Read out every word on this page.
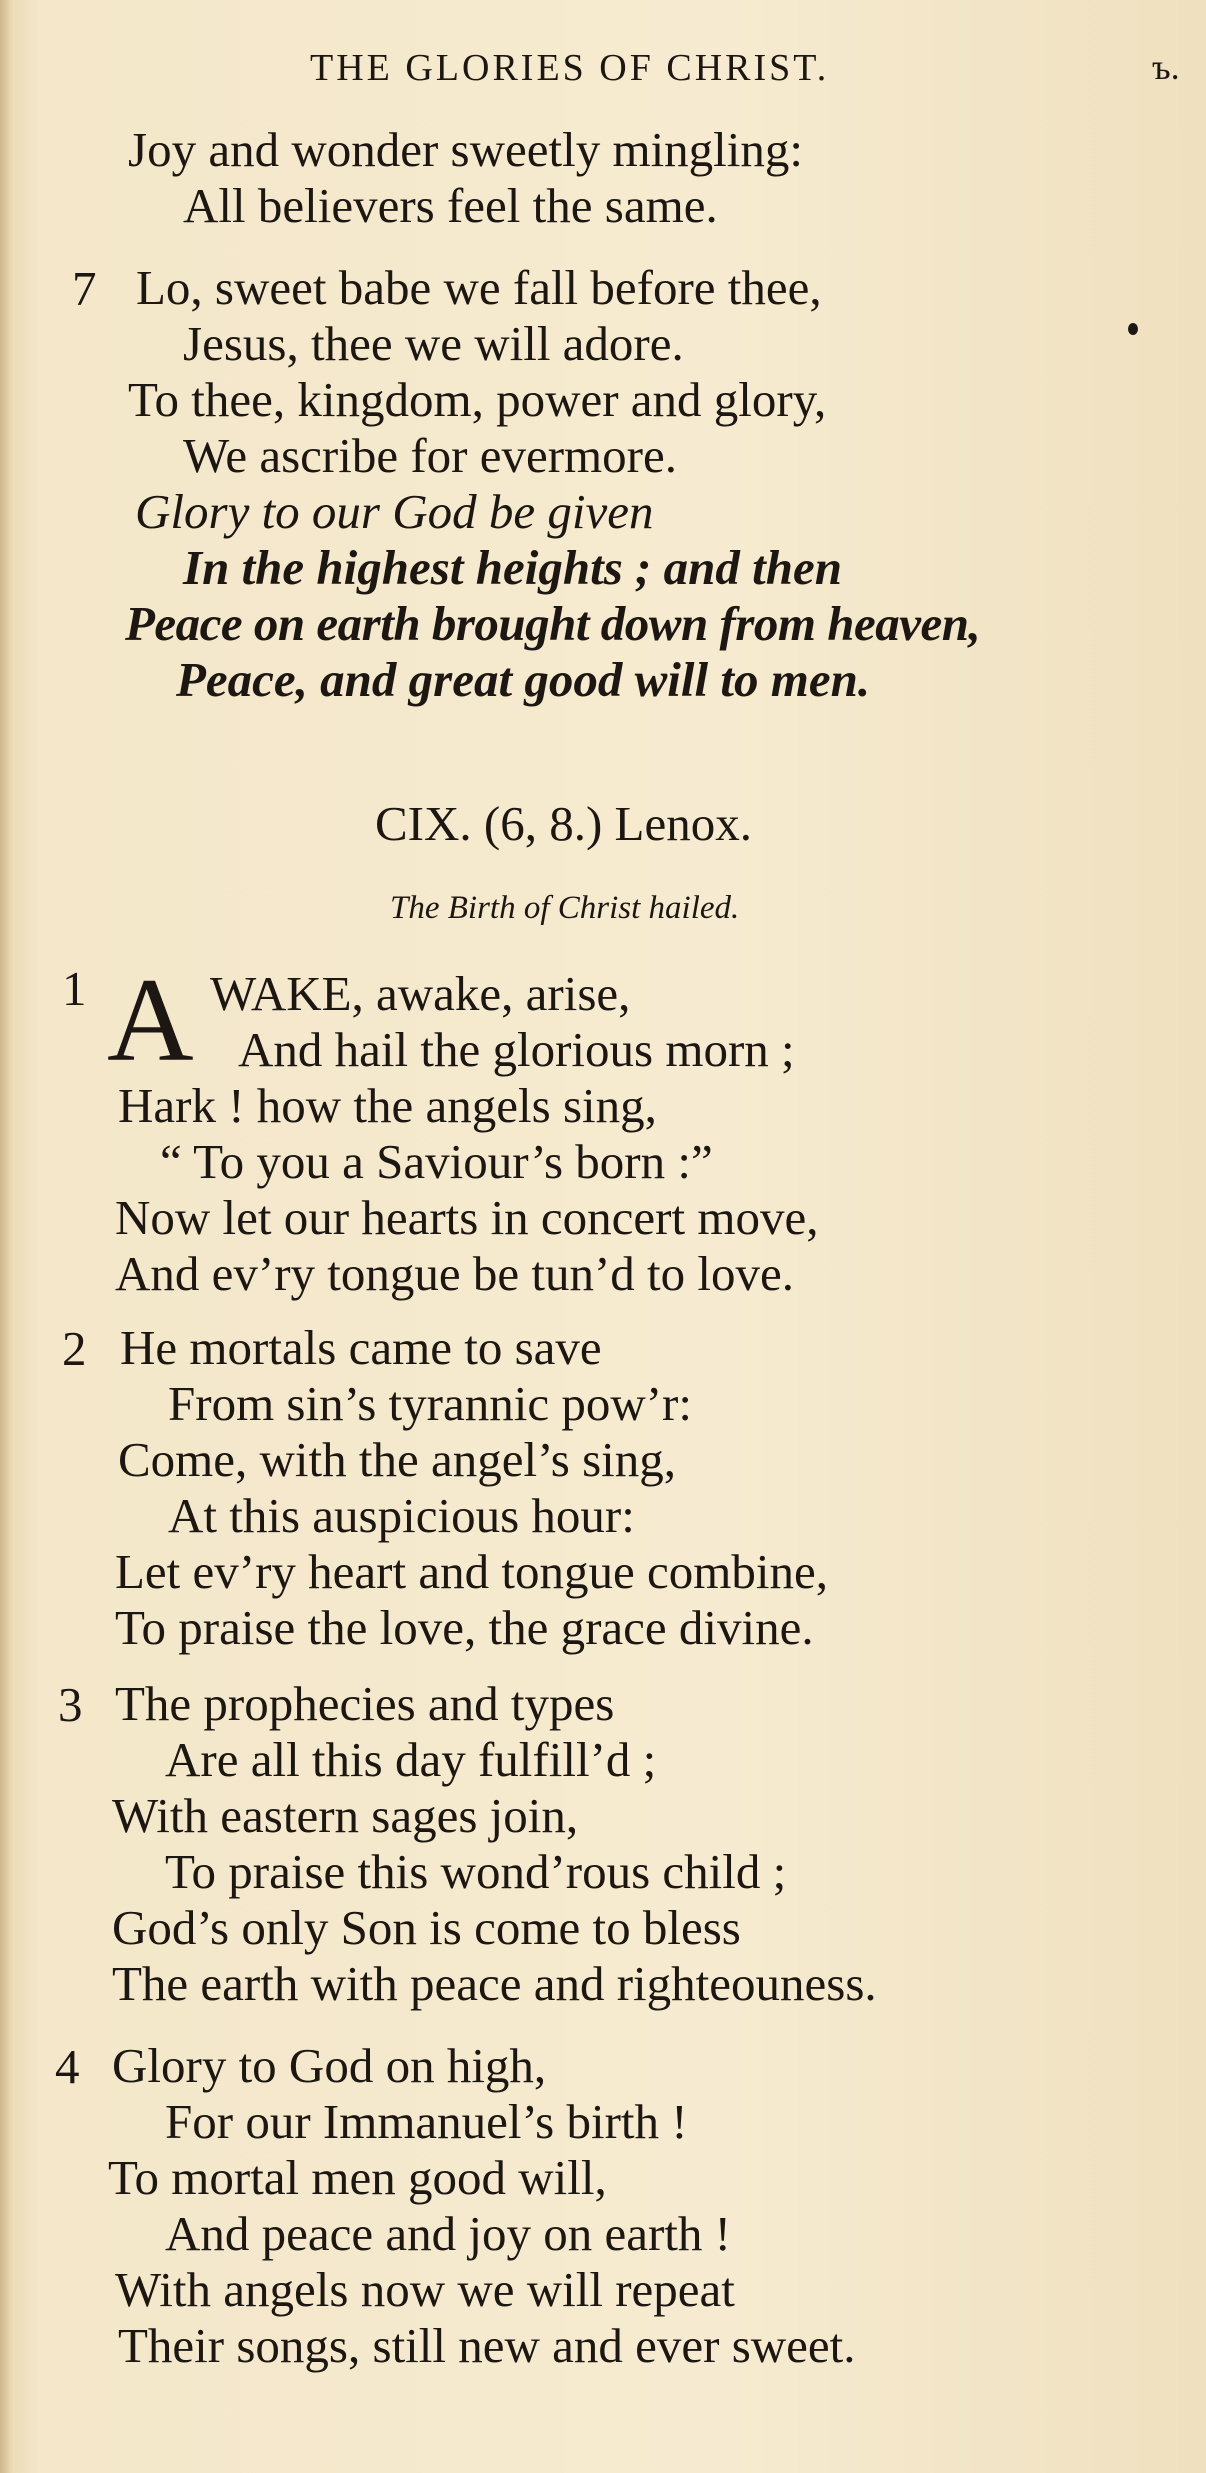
THE GLORIES OF CHRIST.	ъ.
Joy and wonder sweetly mingling:
All believers feel the same.
7 Lo, sweet babe we fall before thee,
Jesus, thee we will adore.
To thee, kingdom, power and glory,
We ascribe for evermore.
Glory to our God be given
In the highest heights ; and then
Peace on earth brought down from heaven,
Peace, and great good will to men.
CIX. (6, 8.) Lenox.
The Birth of Christ hailed.
1 A WAKE, awake, arise,
And hail the glorious morn ;
Hark ! how the angels sing,
“ To you a Saviour’s born :”
Now let our hearts in concert move,
And ev’ry tongue be tun’d to love.
2 He mortals came to save
From sin’s tyrannic pow’r:
Come, with the angel’s sing,
At this auspicious hour:
Let ev’ry heart and tongue combine,
To praise the love, the grace divine.
3 The prophecies and types
Are all this day fulfill’d ;
With eastern sages join,
To praise this wond’rous child ;
God’s only Son is come to bless
The earth with peace and righteouness.
4 Glory to God on high,
For our Immanuel’s birth !
To mortal men good will,
And peace and joy on earth !
With angels now we will repeat
Their songs, still new and ever sweet.
